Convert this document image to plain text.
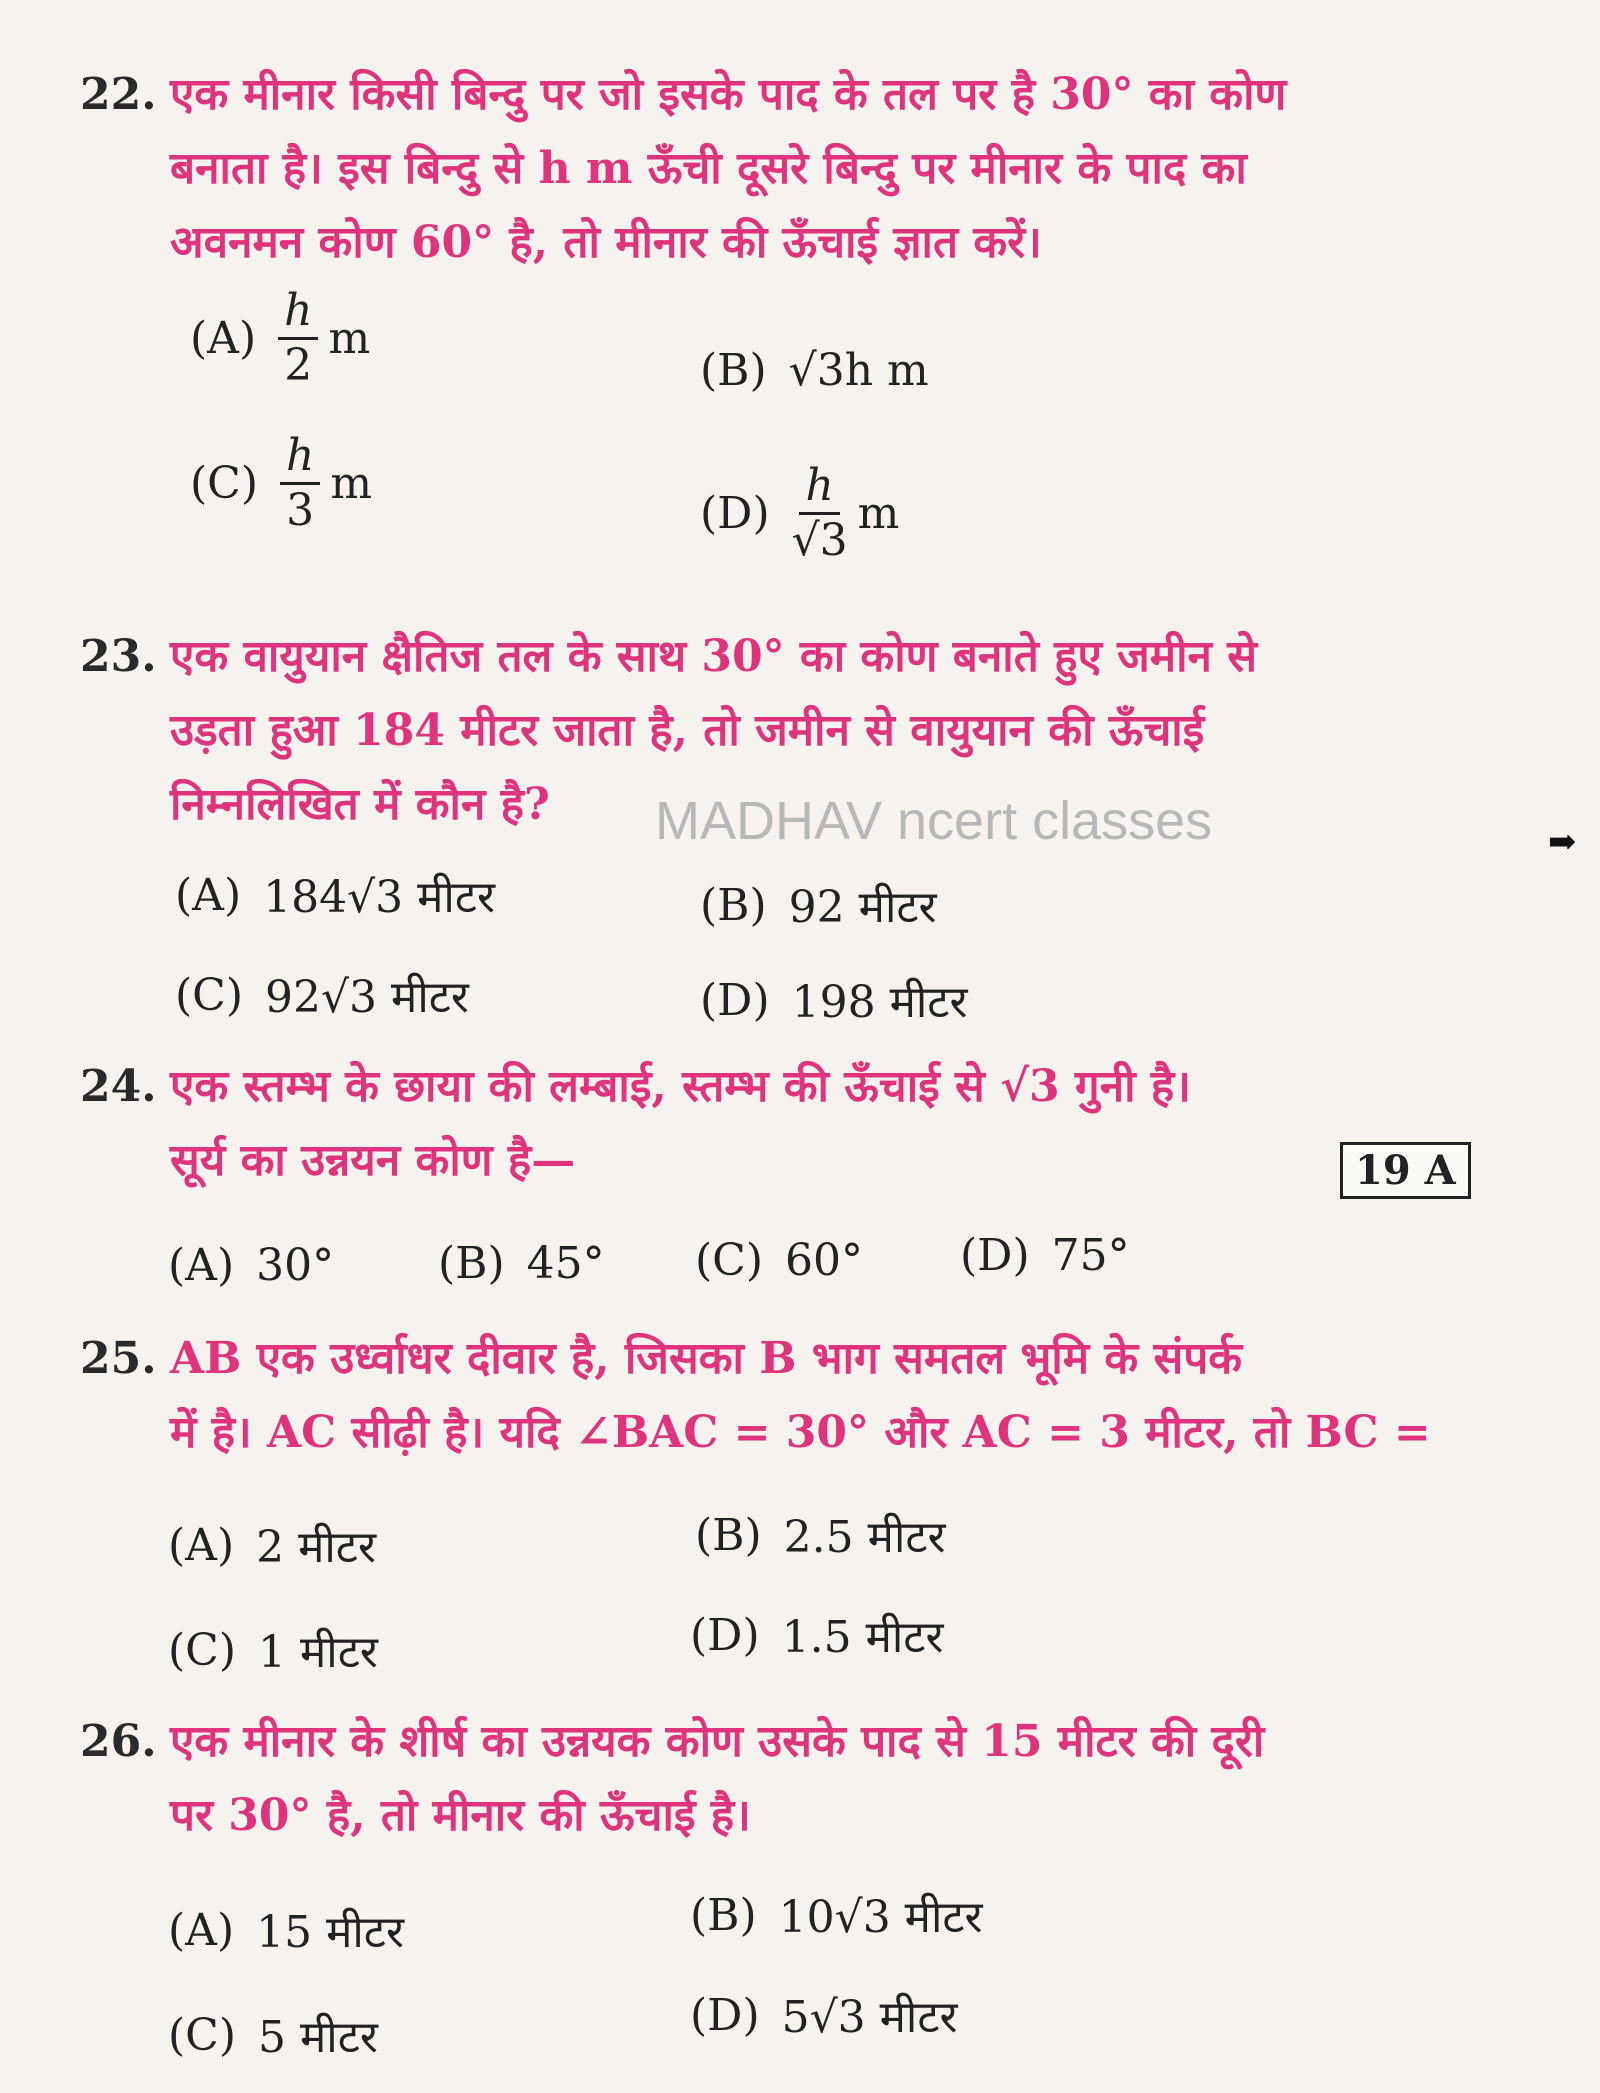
22. एक मीनार किसी बिन्दु पर जो इसके पाद के तल पर है 30° का कोण
बनाता है। इस बिन्दु से h m ऊँची दूसरे बिन्दु पर मीनार के पाद का
अवनमन कोण 60° है, तो मीनार की ऊँचाई ज्ञात करें।
$(A) \frac{h}{2}$ m
(B) √3h m
$(C) \frac{h}{3}$ m
$(D) \frac{h}{√3}$ m
23. एक वायुयान क्षैतिज तल के साथ 30° का कोण बनाते हुए जमीन से
उड़ता हुआ 184 मीटर जाता है, तो जमीन से वायुयान की ऊँचाई
निम्नलिखित में कौन है?	MADHAV ncert classes	➡
(A) 184√3 मीटर	(B) 92 मीटर
(C) 92√3 मीटर	(D) 198 मीटर
24. एक स्तम्भ के छाया की लम्बाई, स्तम्भ की ऊँचाई से √3 गुनी है।
सूर्य का उन्नयन कोण है—	19 A
(A) 30° (B) 45° (C) 60° (D) 75°
25. AB एक उर्ध्वाधर दीवार है, जिसका B भाग समतल भूमि के संपर्क
में है। AC सीढ़ी है। यदि ∠BAC = 30° और AC = 3 मीटर, तो BC =
(A) 2 मीटर	(B) 2.5 मीटर
(C) 1 मीटर	(D) 1.5 मीटर
26. एक मीनार के शीर्ष का उन्नयक कोण उसके पाद से 15 मीटर की दूरी
पर 30° है, तो मीनार की ऊँचाई है।
(A) 15 मीटर	(B) 10√3 मीटर
(C) 5 मीटर	(D) 5√3 मीटर
